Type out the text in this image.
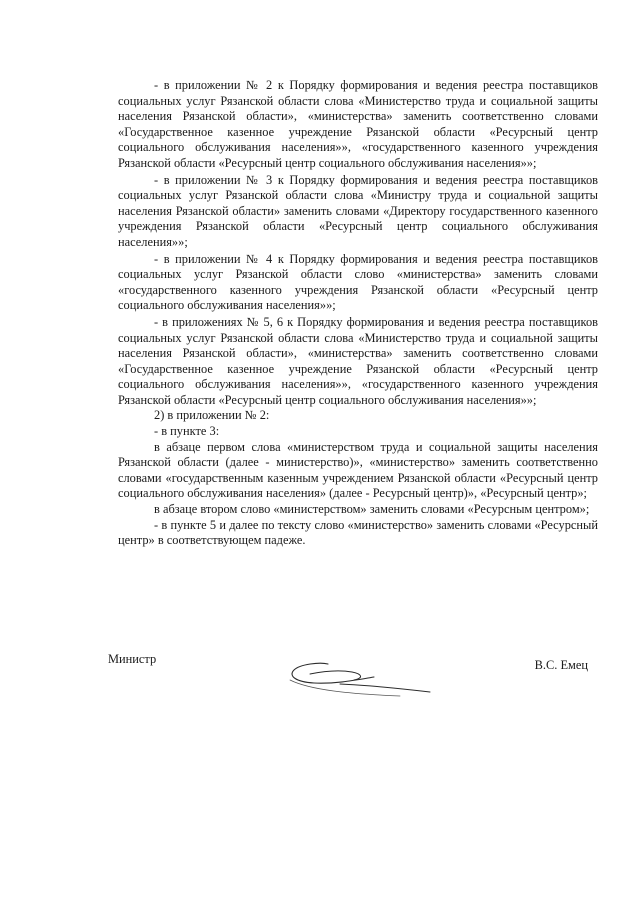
- в приложении № 2 к Порядку формирования и ведения реестра поставщиков социальных услуг Рязанской области слова «Министерство труда и социальной защиты населения Рязанской области», «министерства» заменить соответственно словами «Государственное казенное учреждение Рязанской области «Ресурсный центр социального обслуживания населения»», «государственного казенного учреждения Рязанской области «Ресурсный центр социального обслуживания населения»»;

- в приложении № 3 к Порядку формирования и ведения реестра поставщиков социальных услуг Рязанской области слова «Министру труда и социальной защиты населения Рязанской области» заменить словами «Директору государственного казенного учреждения Рязанской области «Ресурсный центр социального обслуживания населения»»;

- в приложении № 4 к Порядку формирования и ведения реестра поставщиков социальных услуг Рязанской области слово «министерства» заменить словами «государственного казенного учреждения Рязанской области «Ресурсный центр социального обслуживания населения»»;

- в приложениях № 5, 6 к Порядку формирования и ведения реестра поставщиков социальных услуг Рязанской области слова «Министерство труда и социальной защиты населения Рязанской области», «министерства» заменить соответственно словами «Государственное казенное учреждение Рязанской области «Ресурсный центр социального обслуживания населения»», «государственного казенного учреждения Рязанской области «Ресурсный центр социального обслуживания населения»»;

2) в приложении № 2:

- в пункте 3:

в абзаце первом слова «министерством труда и социальной защиты населения Рязанской области (далее - министерство)», «министерство» заменить соответственно словами «государственным казенным учреждением Рязанской области «Ресурсный центр социального обслуживания населения» (далее - Ресурсный центр)», «Ресурсный центр»;

в абзаце втором слово «министерством» заменить словами «Ресурсным центром»;

- в пункте 5 и далее по тексту слово «министерство» заменить словами «Ресурсный центр» в соответствующем падеже.

Министр	В.С. Емец
